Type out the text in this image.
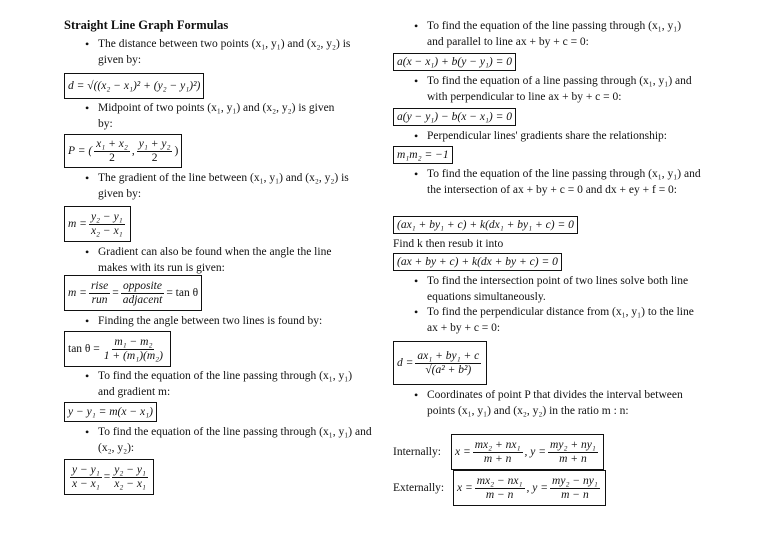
Straight Line Graph Formulas
• The distance between two points (x₁, y₁) and (x₂, y₂) is given by:
d = √((x₂ − x₁)² + (y₂ − y₁)²)
• Midpoint of two points (x₁, y₁) and (x₂, y₂) is given by:
P = ( $\frac{\text{x₁ + x₂}}{2}$ , $\frac{\text{y₁ + y₂}}{2}$ )
• The gradient of the line between (x₁, y₁) and (x₂, y₂) is given by:
$m = \frac{\text{y₂ − y₁}}{\text{x₂ − x₁}}$
• Gradient can also be found when the angle the line makes with its run is given:
$m = \frac{\text{rise}}{\text{run}} = \frac{\text{opposite}}{\text{adjacent}} = \tan \theta$
• Finding the angle between two lines is found by:
$\tan \theta = \frac{\text{m₁ − m₂}}{\text{1 + (m₁)(m₂)}}$
• To find the equation of the line passing through (x₁, y₁) and gradient m:
y − y₁ = m(x − x₁)
• To find the equation of the line passing through (x₁, y₁) and (x₂, y₂):
$\frac{\text{y − y₁}}{\text{x − x₁}} = \frac{\text{y₂ − y₁}}{\text{x₂ − x₁}}$
• To find the equation of the line passing through (x₁, y₁) and parallel to line ax + by + c = 0:
a(x − x₁) + b(y − y₁) = 0
• To find the equation of a line passing through (x₁, y₁) and with perpendicular to line ax + by + c = 0:
a(y − y₁) − b(x − x₁) = 0
• Perpendicular lines' gradients share the relationship:
m₁m₂ = −1
• To find the equation of the line passing through (x₁, y₁) and the intersection of ax + by + c = 0 and dx + ey + f = 0:
(ax₁ + by₁ + c) + k(dx₁ + by₁ + c) = 0
Find k then resub it into
(ax + by + c) + k(dx + by + c) = 0
• To find the intersection point of two lines solve both line equations simultaneously.
• To find the perpendicular distance from (x₁, y₁) to the line ax + by + c = 0:
$d = \frac{\text{ax₁ + by₁ + c}}{\text{√(a² + b²)}}$
• Coordinates of point P that divides the interval between points (x₁, y₁) and (x₂, y₂) in the ratio m : n:
Internally: $x = \frac{\text{mx₂ + nx₁}}{m + n}$ , $y = \frac{\text{my₂ + ny₁}}{m + n}$
Externally: $x = \frac{\text{mx₂ − nx₁}}{m - n}$ , $y = \frac{\text{my₂ − ny₁}}{m - n}$
